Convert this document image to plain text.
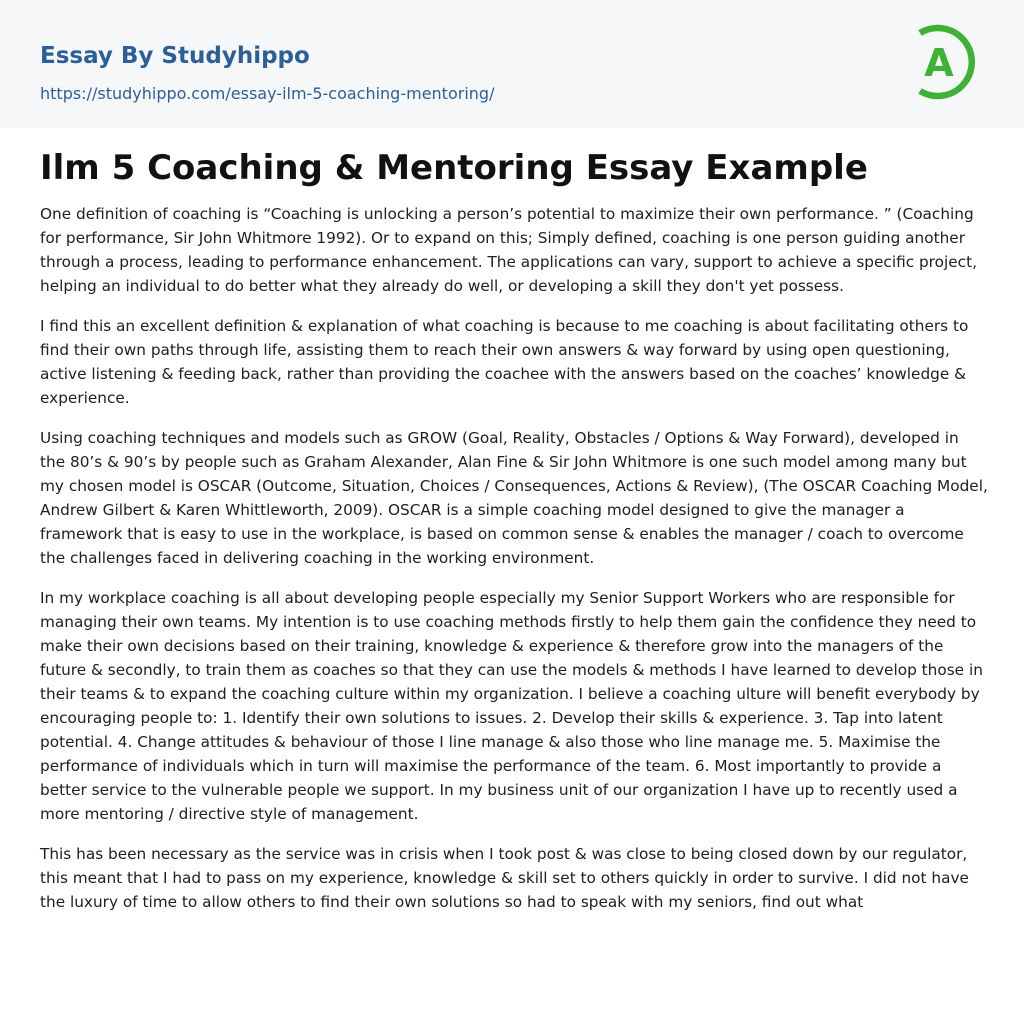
Essay By Studyhippo
https://studyhippo.com/essay-ilm-5-coaching-mentoring/
A
Ilm 5 Coaching & Mentoring Essay Example

One definition of coaching is “Coaching is unlocking a person’s potential to maximize their own performance. ” (Coaching for performance, Sir John Whitmore 1992). Or to expand on this; Simply defined, coaching is one person guiding another through a process, leading to performance enhancement. The applications can vary, support to achieve a specific project, helping an individual to do better what they already do well, or developing a skill they don't yet possess.

I find this an excellent definition & explanation of what coaching is because to me coaching is about facilitating others to find their own paths through life, assisting them to reach their own answers & way forward by using open questioning, active listening & feeding back, rather than providing the coachee with the answers based on the coaches’ knowledge & experience.

Using coaching techniques and models such as GROW (Goal, Reality, Obstacles / Options & Way Forward), developed in the 80’s & 90’s by people such as Graham Alexander, Alan Fine & Sir John Whitmore is one such model among many but my chosen model is OSCAR (Outcome, Situation, Choices / Consequences, Actions & Review), (The OSCAR Coaching Model, Andrew Gilbert & Karen Whittleworth, 2009). OSCAR is a simple coaching model designed to give the manager a framework that is easy to use in the workplace, is based on common sense & enables the manager / coach to overcome the challenges faced in delivering coaching in the working environment.

In my workplace coaching is all about developing people especially my Senior Support Workers who are responsible for managing their own teams. My intention is to use coaching methods firstly to help them gain the confidence they need to make their own decisions based on their training, knowledge & experience & therefore grow into the managers of the future & secondly, to train them as coaches so that they can use the models & methods I have learned to develop those in their teams & to expand the coaching culture within my organization. I believe a coaching ulture will benefit everybody by encouraging people to: 1. Identify their own solutions to issues. 2. Develop their skills & experience. 3. Tap into latent potential. 4. Change attitudes & behaviour of those I line manage & also those who line manage me. 5. Maximise the performance of individuals which in turn will maximise the performance of the team. 6. Most importantly to provide a better service to the vulnerable people we support. In my business unit of our organization I have up to recently used a more mentoring / directive style of management.

This has been necessary as the service was in crisis when I took post & was close to being closed down by our regulator, this meant that I had to pass on my experience, knowledge & skill set to others quickly in order to survive. I did not have the luxury of time to allow others to find their own solutions so had to speak with my seniors, find out what
